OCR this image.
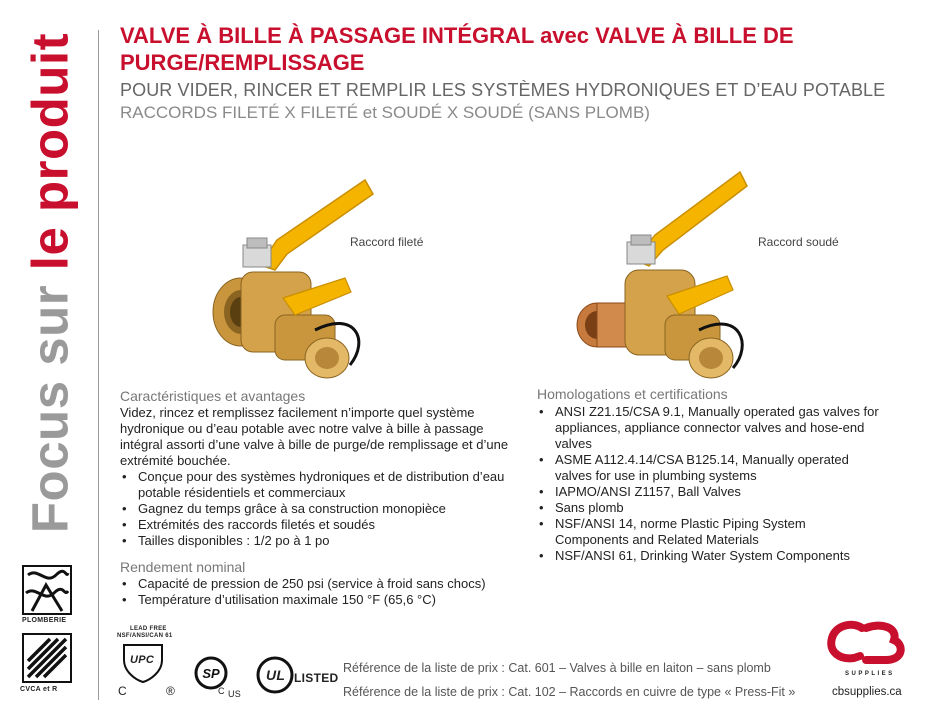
Focus sur le produit VALVE À BILLE À PASSAGE INTÉGRAL avec VALVE À BILLE DE PURGE/REMPLISSAGE
POUR VIDER, RINCER ET REMPLIR LES SYSTÈMES HYDRONIQUES ET D’EAU POTABLE
RACCORDS FILETÉ X FILETÉ et SOUDÉ X SOUDÉ (SANS PLOMB)
Raccord fileté	Raccord soudé
Caractéristiques et avantages
Videz, rincez et remplissez facilement n’importe quel système hydronique ou d’eau potable avec notre valve à bille à passage intégral assorti d’une valve à bille de purge/de remplissage et d’une extrémité bouchée.
• Conçue pour des systèmes hydroniques et de distribution d’eau potable résidentiels et commerciaux
• Gagnez du temps grâce à sa construction monopièce
• Extrémités des raccords filetés et soudés
• Tailles disponibles : 1/2 po à 1 po
Rendement nominal
• Capacité de pression de 250 psi (service à froid sans chocs)
• Température d’utilisation maximale 150 °F (65,6 °C)
Homologations et certifications
• ANSI Z21.15/CSA 9.1, Manually operated gas valves for appliances, appliance connector valves and hose-end valves
• ASME A112.4.14/CSA B125.14, Manually operated valves for use in plumbing systems
• IAPMO/ANSI Z1157, Ball Valves
• Sans plomb
• NSF/ANSI 14, norme Plastic Piping System Components and Related Materials
• NSF/ANSI 61, Drinking Water System Components
PLOMBERIE
CVCA et R
LEAD FREE
NSF/ANSI/CAN 61
UPC
C	®
SP
C US
UL LISTED
Référence de la liste de prix : Cat. 601 – Valves à bille en laiton – sans plomb
Référence de la liste de prix : Cat. 102 – Raccords en cuivre de type « Press-Fit »
SUPPLIES
cbsupplies.ca
